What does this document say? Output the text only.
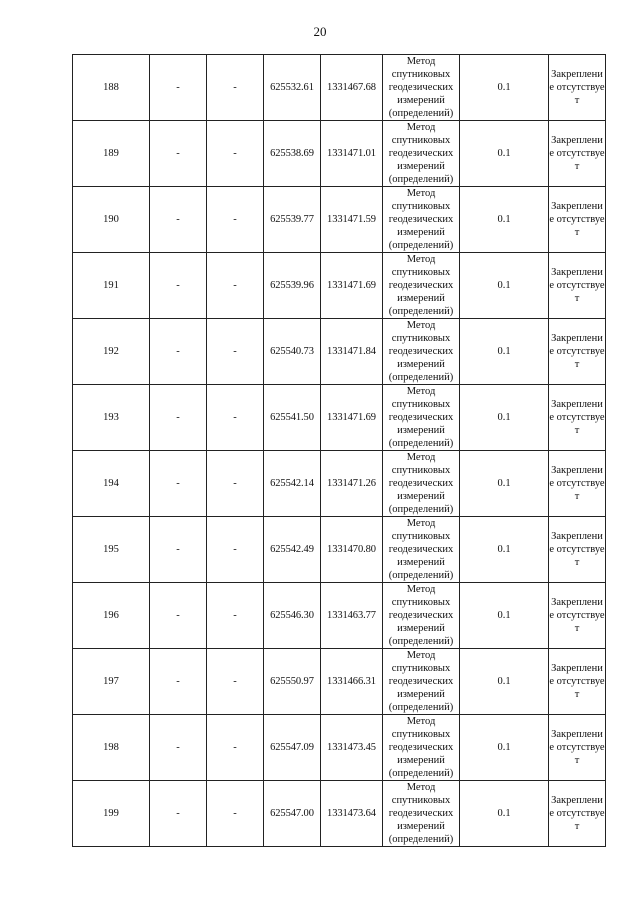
20
188	-	-	625532.61	1331467.68	Метод спутниковых геодезических измерений (определений)	0.1	Закрепление отсутствует
189	-	-	625538.69	1331471.01	Метод спутниковых геодезических измерений (определений)	0.1	Закрепление отсутствует
190	-	-	625539.77	1331471.59	Метод спутниковых геодезических измерений (определений)	0.1	Закрепление отсутствует
191	-	-	625539.96	1331471.69	Метод спутниковых геодезических измерений (определений)	0.1	Закрепление отсутствует
192	-	-	625540.73	1331471.84	Метод спутниковых геодезических измерений (определений)	0.1	Закрепление отсутствует
193	-	-	625541.50	1331471.69	Метод спутниковых геодезических измерений (определений)	0.1	Закрепление отсутствует
194	-	-	625542.14	1331471.26	Метод спутниковых геодезических измерений (определений)	0.1	Закрепление отсутствует
195	-	-	625542.49	1331470.80	Метод спутниковых геодезических измерений (определений)	0.1	Закрепление отсутствует
196	-	-	625546.30	1331463.77	Метод спутниковых геодезических измерений (определений)	0.1	Закрепление отсутствует
197	-	-	625550.97	1331466.31	Метод спутниковых геодезических измерений (определений)	0.1	Закрепление отсутствует
198	-	-	625547.09	1331473.45	Метод спутниковых геодезических измерений (определений)	0.1	Закрепление отсутствует
199	-	-	625547.00	1331473.64	Метод спутниковых геодезических измерений (определений)	0.1	Закрепление отсутствует
